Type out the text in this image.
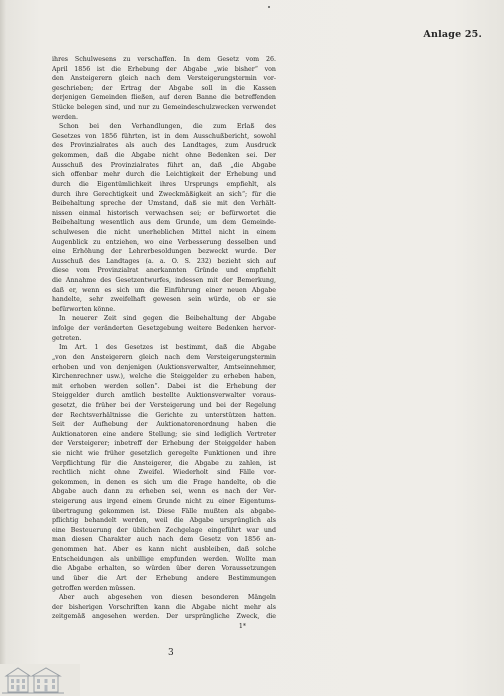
Anlage 25.
ihres Schulwesens zu verschaffen. In dem Gesetz vom 26.
April 1856 ist die Erhebung der Abgabe „wie bisher“ von
den Ansteigerern gleich nach dem Versteigerungstermin vor-
geschrieben; der Ertrag der Abgabe soll in die Kassen
derjenigen Gemeinden fließen, auf deren Banne die betreffenden
Stücke belegen sind, und nur zu Gemeindeschulzwecken verwendet
werden.
Schon bei den Verhandlungen, die zum Erlaß des
Gesetzes von 1856 führten, ist in dem Ausschußbericht, sowohl
des Provinzialrates als auch des Landtages, zum Ausdruck
gekommen, daß die Abgabe nicht ohne Bedenken sei. Der
Ausschuß des Provinzialrates führt an, daß „die Abgabe
sich offenbar mehr durch die Leichtigkeit der Erhebung und
durch die Eigentümlichkeit ihres Ursprungs empfiehlt, als
durch ihre Gerechtigkeit und Zweckmäßigkeit an sich“; für die
Beibehaltung spreche der Umstand, daß sie mit den Verhält-
nissen einmal historisch verwachsen sei; er befürwortet die
Beibehaltung wesentlich aus dem Grunde, um dem Gemeinde-
schulwesen die nicht unerheblichen Mittel nicht in einem
Augenblick zu entziehen, wo eine Verbesserung desselben und
eine Erhöhung der Lehrerbesoldungen bezweckt wurde. Der
Ausschuß des Landtages (a. a. O. S. 232) bezieht sich auf
diese vom Provinzialrat anerkannten Gründe und empfiehlt
die Annahme des Gesetzentwurfes, indessen mit der Bemerkung,
daß er, wenn es sich um die Einführung einer neuen Abgabe
handelte, sehr zweifelhaft gewesen sein würde, ob er sie
befürworten könne.
In neuerer Zeit sind gegen die Beibehaltung der Abgabe
infolge der veränderten Gesetzgebung weitere Bedenken hervor-
getreten.
Im Art. 1 des Gesetzes ist bestimmt, daß die Abgabe
„von den Ansteigerern gleich nach dem Versteigerungstermin
erhoben und von denjenigen (Auktionsverwalter, Amtseinnehmer,
Kirchenrechner usw.), welche die Steiggelder zu erheben haben,
mit erhoben werden sollen“. Dabei ist die Erhebung der
Steiggelder durch amtlich bestellte Auktionsverwalter voraus-
gesetzt, die früher bei der Versteigerung und bei der Regelung
der Rechtsverhältnisse die Gerichte zu unterstützen hatten.
Seit der Aufhebung der Auktionatorenordnung haben die
Auktionatoren eine andere Stellung; sie sind lediglich Vertreter
der Versteigerer; inbetreff der Erhebung der Steiggelder haben
sie nicht wie früher gesetzlich geregelte Funktionen und ihre
Verpflichtung für die Ansteigerer, die Abgabe zu zahlen, ist
rechtlich nicht ohne Zweifel. Wiederholt sind Fälle vor-
gekommen, in denen es sich um die Frage handelte, ob die
Abgabe auch dann zu erheben sei, wenn es nach der Ver-
steigerung aus irgend einem Grunde nicht zu einer Eigentums-
übertragung gekommen ist. Diese Fälle mußten als abgabe-
pflichtig behandelt werden, weil die Abgabe ursprünglich als
eine Besteuerung der üblichen Zechgelage eingeführt war und
man diesen Charakter auch nach dem Gesetz von 1856 an-
genommen hat. Aber es kann nicht ausbleiben, daß solche
Entscheidungen als unbillige empfunden werden. Wollte man
die Abgabe erhalten, so würden über deren Voraussetzungen
und über die Art der Erhebung andere Bestimmungen
getroffen werden müssen.
Aber auch abgesehen von diesen besonderen Mängeln
der bisherigen Vorschriften kann die Abgabe nicht mehr als
zeitgemäß angesehen werden. Der ursprüngliche Zweck, die
1*
3
